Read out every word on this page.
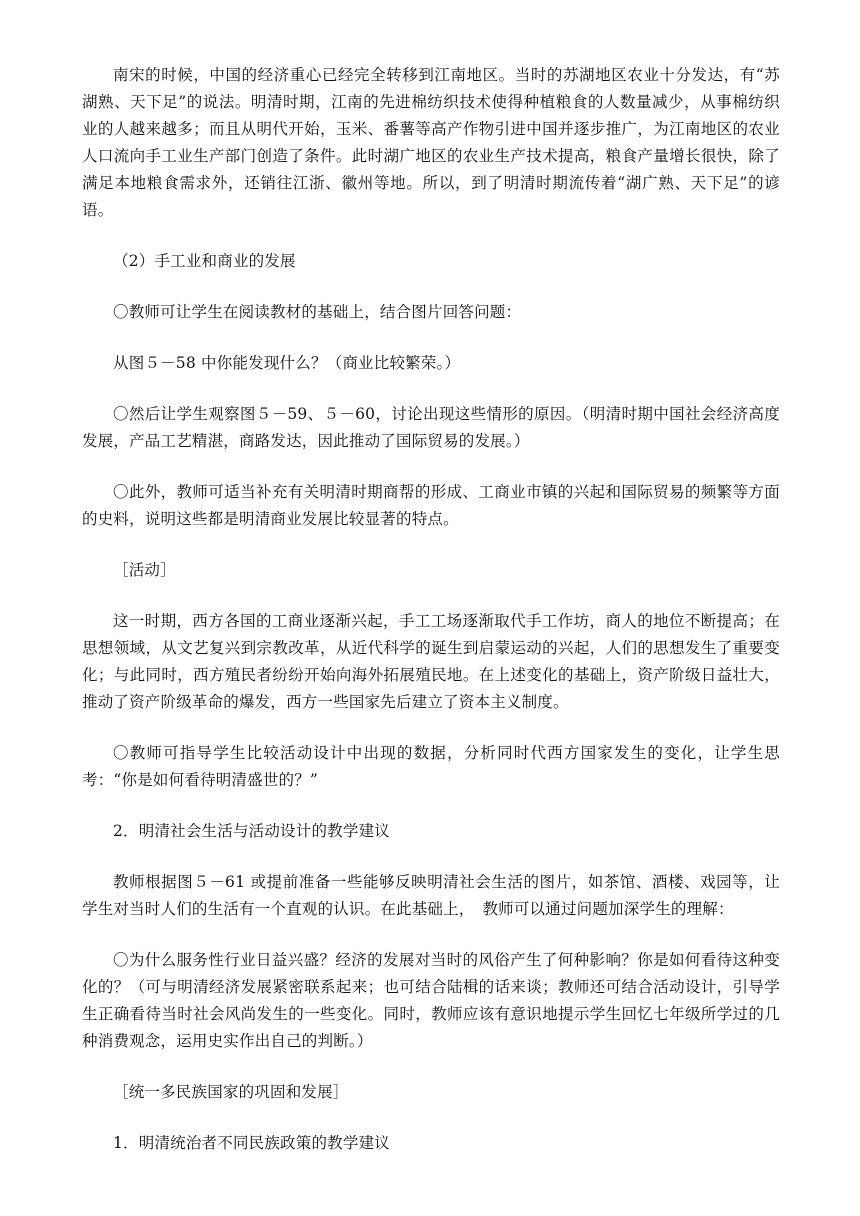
南宋的时候，中国的经济重心已经完全转移到江南地区。当时的苏湖地区农业十分发达，有“苏湖熟、天下足”的说法。明清时期，江南的先进棉纺织技术使得种植粮食的人数量减少，从事棉纺织业的人越来越多；而且从明代开始，玉米、番薯等高产作物引进中国并逐步推广，为江南地区的农业人口流向手工业生产部门创造了条件。此时湖广地区的农业生产技术提高，粮食产量增长很快，除了满足本地粮食需求外，还销往江浙、徽州等地。所以，到了明清时期流传着“湖广熟、天下足”的谚语。

（2）手工业和商业的发展

〇教师可让学生在阅读教材的基础上，结合图片回答问题：

从图５－58 中你能发现什么？（商业比较繁荣。）

〇然后让学生观察图５－59、５－60，讨论出现这些情形的原因。（明清时期中国社会经济高度发展，产品工艺精湛，商路发达，因此推动了国际贸易的发展。）

〇此外，教师可适当补充有关明清时期商帮的形成、工商业市镇的兴起和国际贸易的频繁等方面的史料，说明这些都是明清商业发展比较显著的特点。

［活动］

这一时期，西方各国的工商业逐渐兴起，手工工场逐渐取代手工作坊，商人的地位不断提高；在思想领域，从文艺复兴到宗教改革，从近代科学的诞生到启蒙运动的兴起，人们的思想发生了重要变化；与此同时，西方殖民者纷纷开始向海外拓展殖民地。在上述变化的基础上，资产阶级日益壮大，推动了资产阶级革命的爆发，西方一些国家先后建立了资本主义制度。

〇教师可指导学生比较活动设计中出现的数据，分析同时代西方国家发生的变化，让学生思考：“你是如何看待明清盛世的？”

2．明清社会生活与活动设计的教学建议

教师根据图５－61 或提前准备一些能够反映明清社会生活的图片，如茶馆、酒楼、戏园等，让学生对当时人们的生活有一个直观的认识。在此基础上，　教师可以通过问题加深学生的理解：

〇为什么服务性行业日益兴盛？经济的发展对当时的风俗产生了何种影响？你是如何看待这种变化的？（可与明清经济发展紧密联系起来；也可结合陆楫的话来谈；教师还可结合活动设计，引导学生正确看待当时社会风尚发生的一些变化。同时，教师应该有意识地提示学生回忆七年级所学过的几种消费观念，运用史实作出自己的判断。）

［统一多民族国家的巩固和发展］

1．明清统治者不同民族政策的教学建议
